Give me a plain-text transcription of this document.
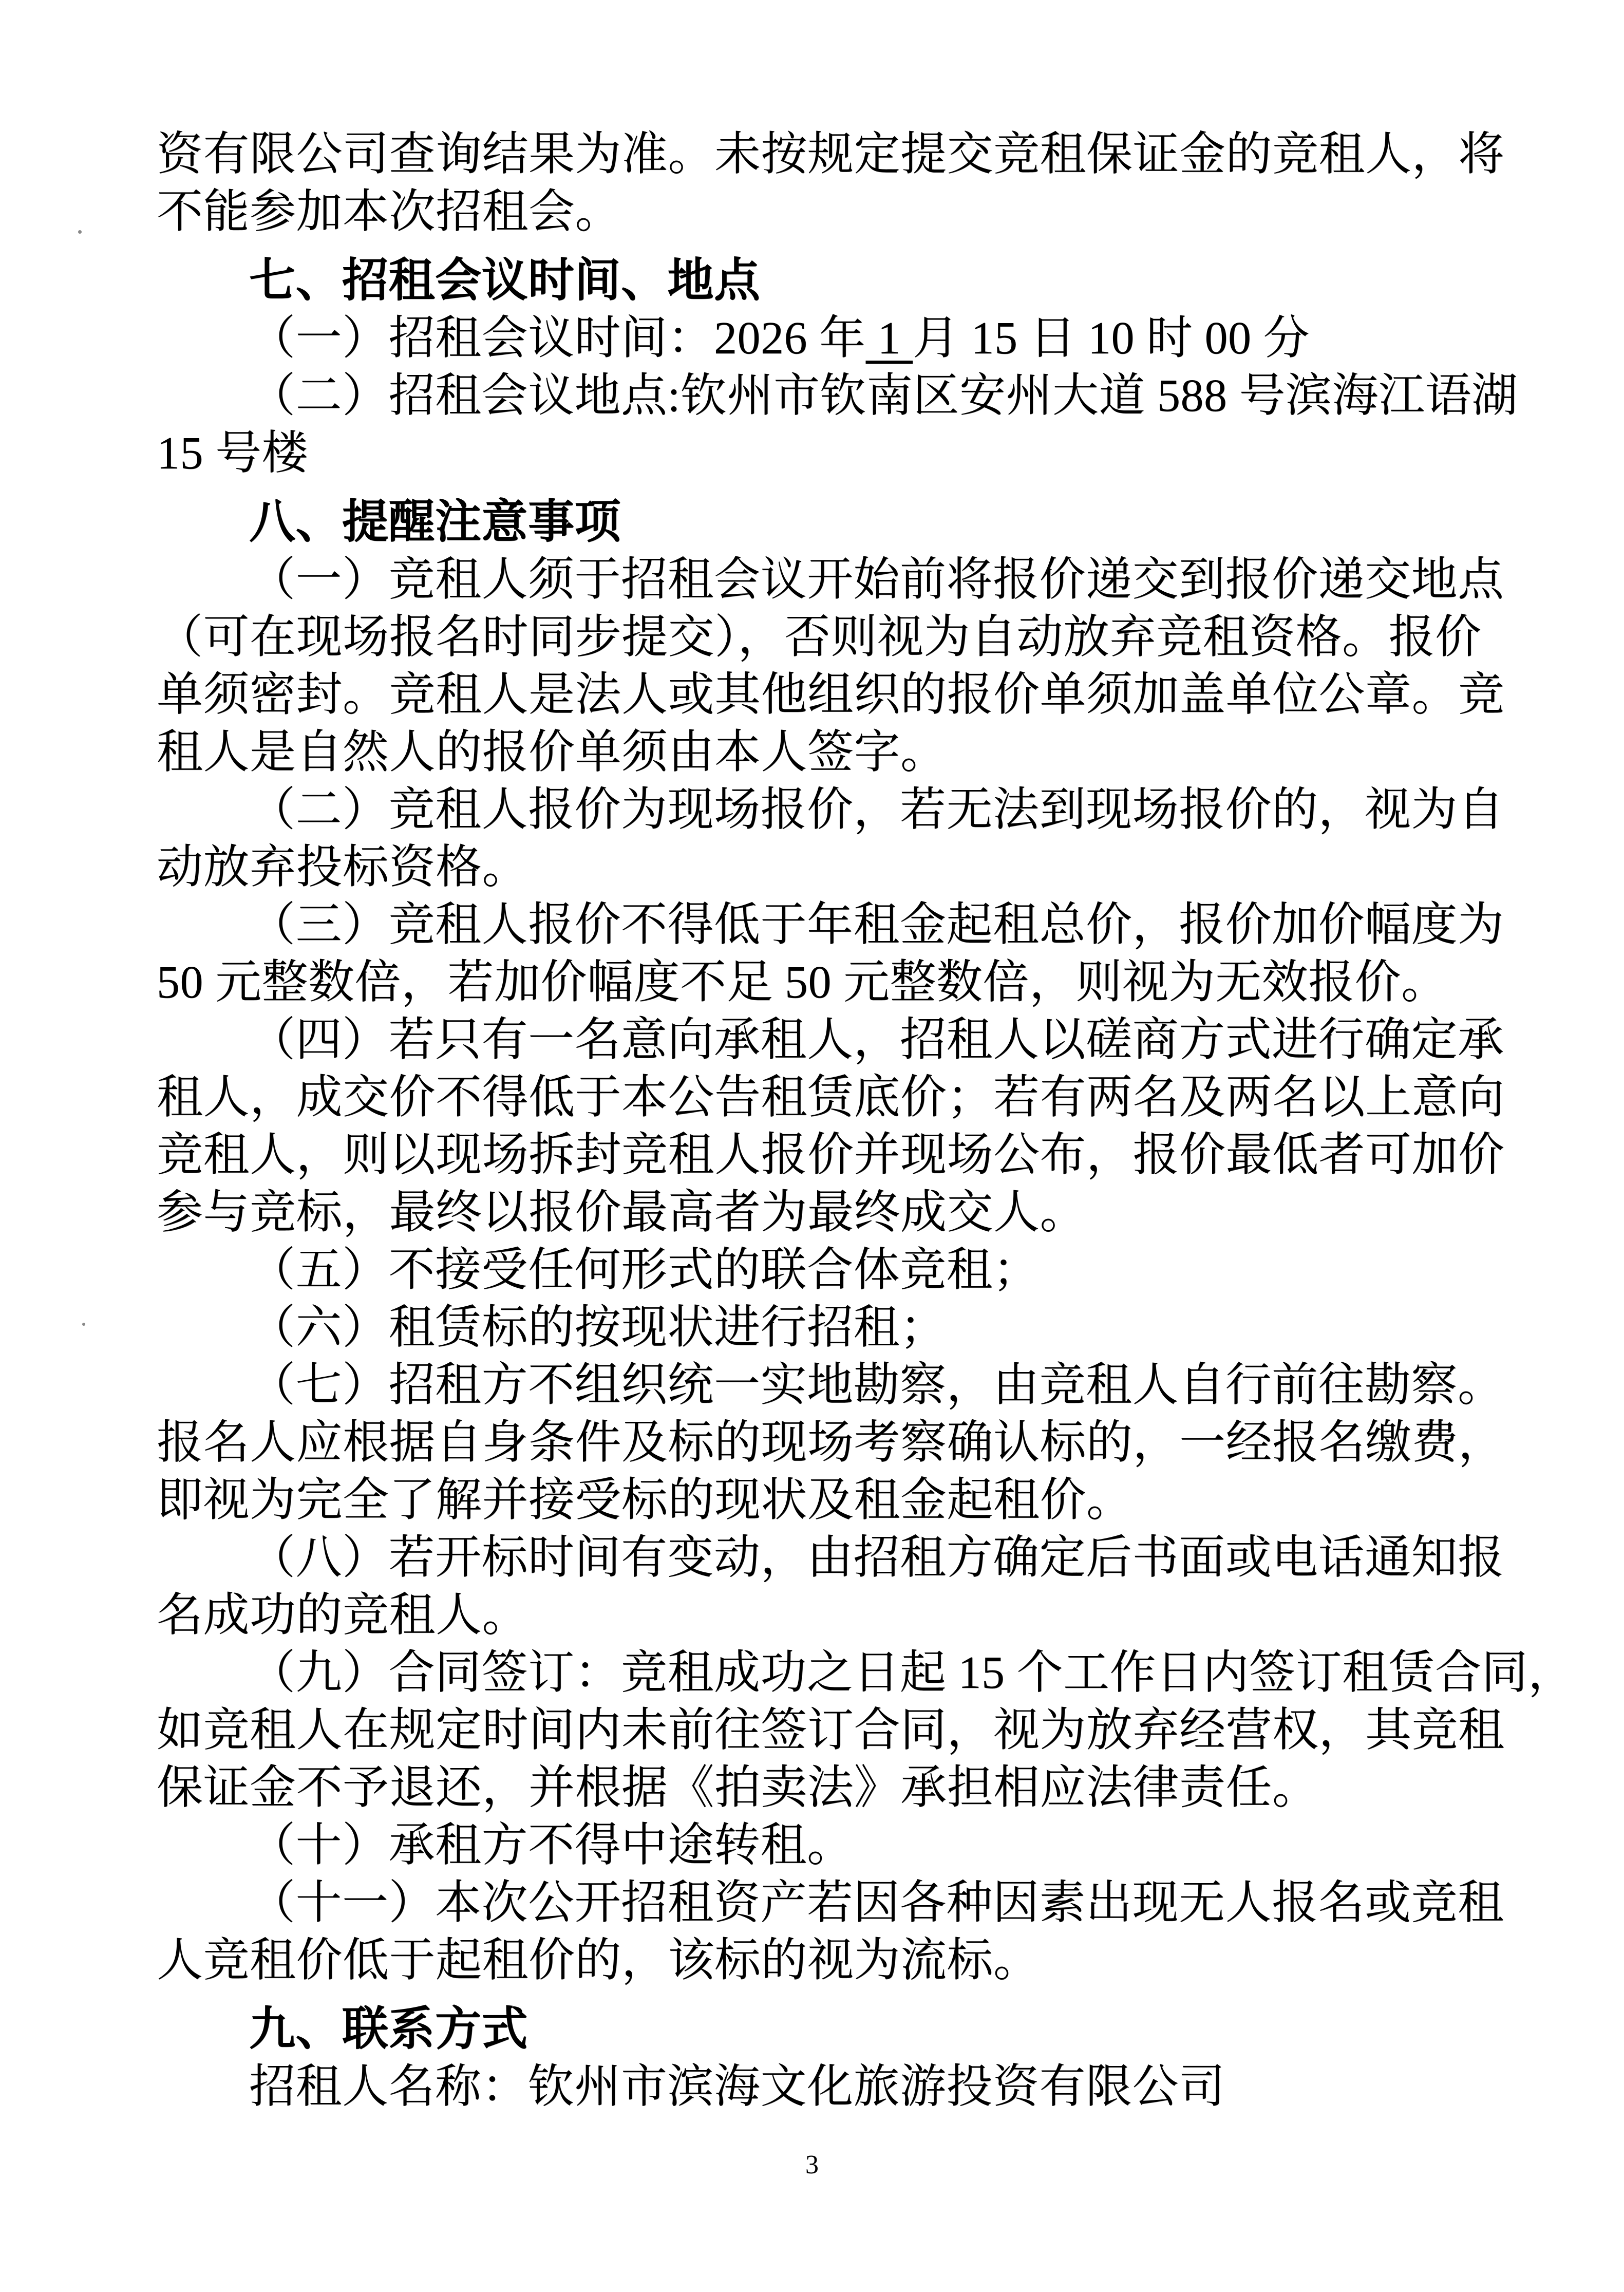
资有限公司查询结果为准。未按规定提交竞租保证金的竞租人，将
不能参加本次招租会。
七、招租会议时间、地点
（一）招租会议时间：2026 年 1 月 15 日 10 时 00 分
（二）招租会议地点:钦州市钦南区安州大道 588 号滨海江语湖
15 号楼
八、提醒注意事项
（一）竞租人须于招租会议开始前将报价递交到报价递交地点
（可在现场报名时同步提交），否则视为自动放弃竞租资格。报价
单须密封。竞租人是法人或其他组织的报价单须加盖单位公章。竞
租人是自然人的报价单须由本人签字。
（二）竞租人报价为现场报价，若无法到现场报价的，视为自
动放弃投标资格。
（三）竞租人报价不得低于年租金起租总价，报价加价幅度为
50 元整数倍，若加价幅度不足 50 元整数倍，则视为无效报价。
（四）若只有一名意向承租人，招租人以磋商方式进行确定承
租人，成交价不得低于本公告租赁底价；若有两名及两名以上意向
竞租人，则以现场拆封竞租人报价并现场公布，报价最低者可加价
参与竞标，最终以报价最高者为最终成交人。
（五）不接受任何形式的联合体竞租；
（六）租赁标的按现状进行招租；
（七）招租方不组织统一实地勘察，由竞租人自行前往勘察。
报名人应根据自身条件及标的现场考察确认标的，一经报名缴费，
即视为完全了解并接受标的现状及租金起租价。
（八）若开标时间有变动，由招租方确定后书面或电话通知报
名成功的竞租人。
（九）合同签订：竞租成功之日起 15 个工作日内签订租赁合同，
如竞租人在规定时间内未前往签订合同，视为放弃经营权，其竞租
保证金不予退还，并根据《拍卖法》承担相应法律责任。
（十）承租方不得中途转租。
（十一）本次公开招租资产若因各种因素出现无人报名或竞租
人竞租价低于起租价的，该标的视为流标。
九、联系方式
招租人名称：钦州市滨海文化旅游投资有限公司
3
